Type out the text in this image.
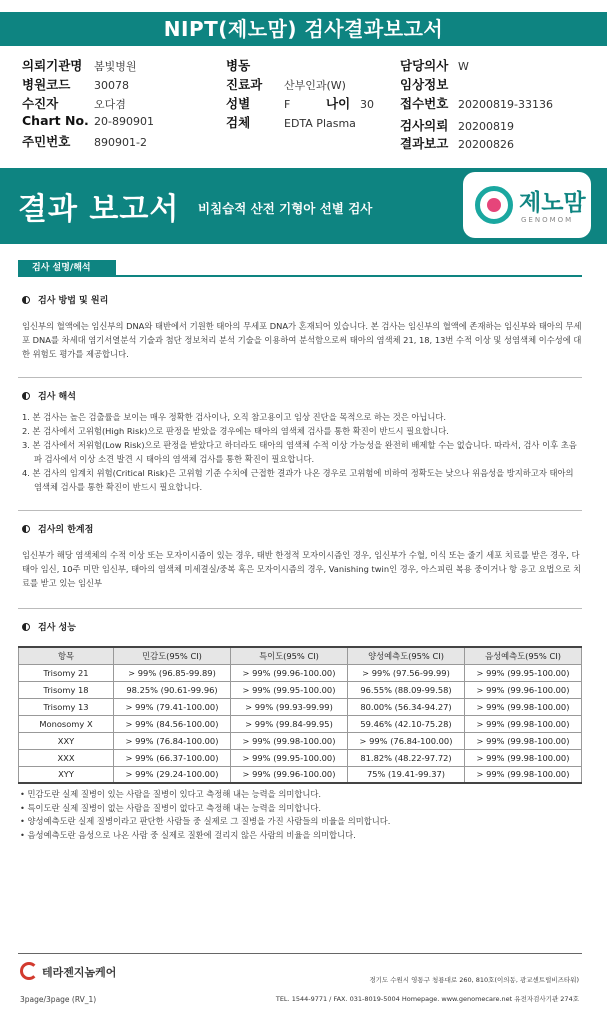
NIPT(제노맘) 검사결과보고서
의뢰기관명 봄빛병원
병원코드 30078
수진자	오다겸
Chart No. 20-890901
주민번호 890901-2
병동
진료과 산부인과(W)
성별	F	나이 30
검체	EDTA Plasma
담당의사 W
임상정보
접수번호 20200819-33136
검사의뢰 20200819
결과보고 20200826
결과 보고서 비침습적 산전 기형아 선별 검사	제노맘
GENOMOM
검사 설명/해석
검사 방법 및 원리
임신부의 혈액에는 임신부의 DNA와 태반에서 기원한 태아의 무세포 DNA가 혼재되어 있습니다. 본 검사는 임신부의 혈액에 존재하는 임신부와 태아의 무세포 DNA를 차세대 염기서열분석 기술과 첨단 정보처리 분석 기술을 이용하여 분석함으로써 태아의 염색체 21, 18, 13번 수적 이상 및 성염색체 이수성에 대한 위험도 평가를 제공합니다.
검사 해석
1. 본 검사는 높은 검출률을 보이는 매우 정확한 검사이나, 오직 참고용이고 임상 진단을 목적으로 하는 것은 아닙니다.
2. 본 검사에서 고위험(High Risk)으로 판정을 받았을 경우에는 태아의 염색체 검사를 통한 확진이 반드시 필요합니다.
3. 본 검사에서 저위험(Low Risk)으로 판정을 받았다고 하더라도 태아의 염색체 수적 이상 가능성을 완전히 배제할 수는 없습니다. 따라서, 검사 이후 초음파 검사에서 이상 소견 발견 시 태아의 염색체 검사를 통한 확진이 필요합니다.
4. 본 검사의 임계치 위험(Critical Risk)은 고위험 기준 수치에 근접한 결과가 나온 경우로 고위험에 비하여 정확도는 낮으나 위음성을 방지하고자 태아의 염색체 검사를 통한 확진이 반드시 필요합니다.
검사의 한계점
임신부가 해당 염색체의 수적 이상 또는 모자이시즘이 있는 경우, 태반 한정적 모자이시즘인 경우, 임신부가 수혈, 이식 또는 줄기 세포 치료를 받은 경우, 다태아 임신, 10주 미만 임신부, 태아의 염색체 미세결실/중복 혹은 모자이시즘의 경우, Vanishing twin인 경우, 아스피린 복용 중이거나 항 응고 요법으로 치료를 받고 있는 임신부
검사 성능
항목	민감도(95% CI)	특이도(95% CI)	양성예측도(95% CI)	음성예측도(95% CI)
Trisomy 21	> 99% (96.85-99.89)	> 99% (99.96-100.00)	> 99% (97.56-99.99)	> 99% (99.95-100.00)
Trisomy 18	98.25% (90.61-99.96)	> 99% (99.95-100.00)	96.55% (88.09-99.58)	> 99% (99.96-100.00)
Trisomy 13	> 99% (79.41-100.00)	> 99% (99.93-99.99)	80.00% (56.34-94.27)	> 99% (99.98-100.00)
Monosomy X	> 99% (84.56-100.00)	> 99% (99.84-99.95)	59.46% (42.10-75.28)	> 99% (99.98-100.00)
XXY	> 99% (76.84-100.00)	> 99% (99.98-100.00)	> 99% (76.84-100.00)	> 99% (99.98-100.00)
XXX	> 99% (66.37-100.00)	> 99% (99.95-100.00)	81.82% (48.22-97.72)	> 99% (99.98-100.00)
XYY	> 99% (29.24-100.00)	> 99% (99.96-100.00)	75% (19.41-99.37)	> 99% (99.98-100.00)
• 민감도란 실제 질병이 있는 사람을 질병이 있다고 측정해 내는 능력을 의미합니다.
• 특이도란 실제 질병이 없는 사람을 질병이 없다고 측정해 내는 능력을 의미합니다.
• 양성예측도란 실제 질병이라고 판단한 사람들 중 실제로 그 질병을 가진 사람들의 비율을 의미합니다.
• 음성예측도란 음성으로 나온 사람 중 실제로 질환에 걸리지 않은 사람의 비율을 의미합니다.
테라젠지놈케어
경기도 수원시 영통구 청룡대로 260, 810호(이의동, 광교센트럴비즈타워)
3page/3page (RV_1)	TEL. 1544-9771 / FAX. 031-8019-5004 Homepage. www.genomecare.net 유전자검사기관 274호
